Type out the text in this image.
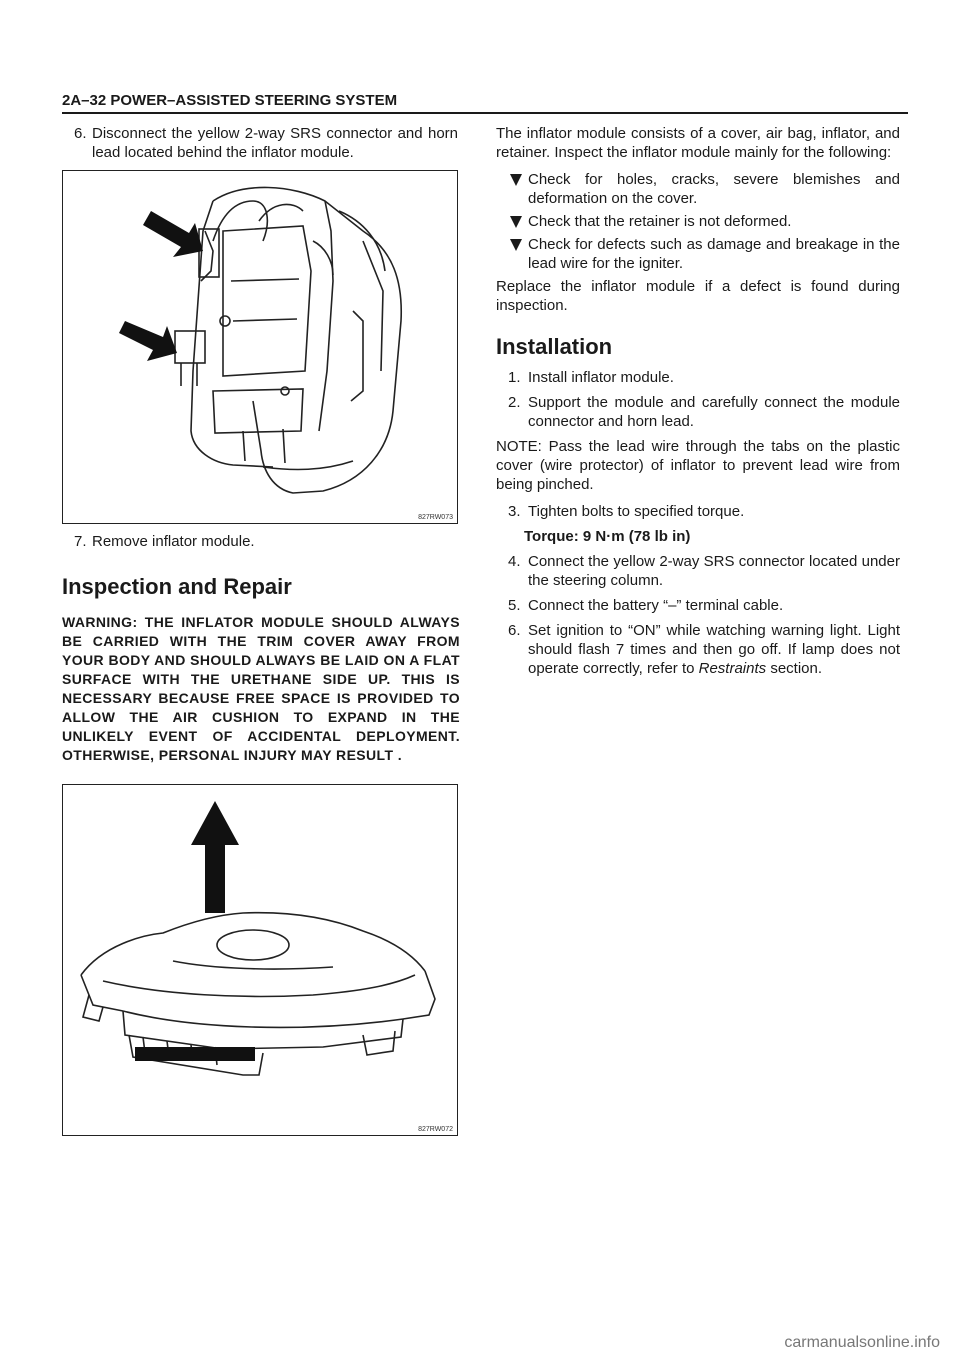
2A–32 POWER–ASSISTED STEERING SYSTEM
6. Disconnect the yellow 2-way SRS connector and horn lead located behind the inflator module.
827RW073
7. Remove inflator module.
Inspection and Repair
WARNING: THE INFLATOR MODULE SHOULD ALWAYS BE CARRIED WITH THE TRIM COVER AWAY FROM YOUR BODY AND SHOULD ALWAYS BE LAID ON A FLAT SURFACE WITH THE URETHANE SIDE UP. THIS IS NECESSARY BECAUSE FREE SPACE IS PROVIDED TO ALLOW THE AIR CUSHION TO EXPAND IN THE UNLIKELY EVENT OF ACCIDENTAL DEPLOYMENT. OTHERWISE, PERSONAL INJURY MAY RESULT .
827RW072

The inflator module consists of a cover, air bag, inflator, and retainer. Inspect the inflator module mainly for the following:

Check for holes, cracks, severe blemishes and deformation on the cover.
Check that the retainer is not deformed.
Check for defects such as damage and breakage in the lead wire for the igniter.

Replace the inflator module if a defect is found during inspection.

Installation
1. Install inflator module.
2. Support the module and carefully connect the module connector and horn lead.

NOTE: Pass the lead wire through the tabs on the plastic cover (wire protector) of inflator to prevent lead wire from being pinched.

3. Tighten bolts to specified torque.
Torque: 9 N·m (78 lb in)
4. Connect the yellow 2-way SRS connector located under the steering column.
5. Connect the battery “–” terminal cable.
6. Set ignition to “ON” while watching warning light. Light should flash 7 times and then go off. If lamp does not operate correctly, refer to Restraints section.
carmanualsonline.info
